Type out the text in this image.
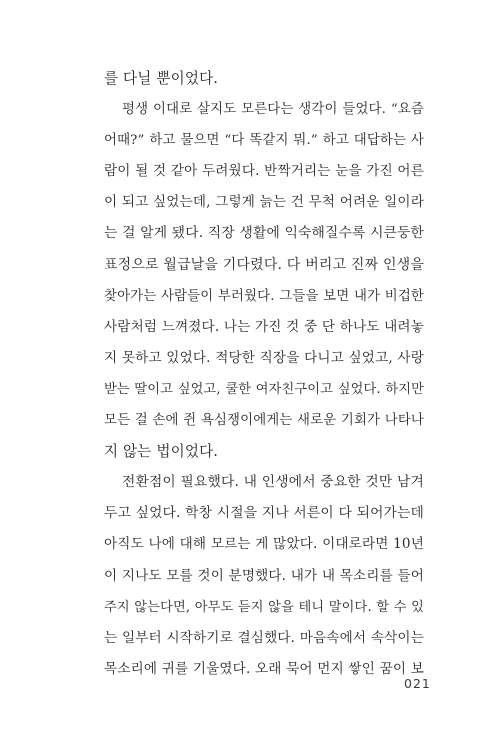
를 다닐 뿐이었다.
평생 이대로 살지도 모른다는 생각이 들었다. “요즘
어때?” 하고 물으면 “다 똑같지 뭐.” 하고 대답하는 사
람이 될 것 같아 두려웠다. 반짝거리는 눈을 가진 어른
이 되고 싶었는데, 그렇게 늙는 건 무척 어려운 일이라
는 걸 알게 됐다. 직장 생활에 익숙해질수록 시큰둥한
표정으로 월급날을 기다렸다. 다 버리고 진짜 인생을
찾아가는 사람들이 부러웠다. 그들을 보면 내가 비겁한
사람처럼 느껴졌다. 나는 가진 것 중 단 하나도 내려놓
지 못하고 있었다. 적당한 직장을 다니고 싶었고, 사랑
받는 딸이고 싶었고, 쿨한 여자친구이고 싶었다. 하지만
모든 걸 손에 쥔 욕심쟁이에게는 새로운 기회가 나타나
지 않는 법이었다.
전환점이 필요했다. 내 인생에서 중요한 것만 남겨
두고 싶었다. 학창 시절을 지나 서른이 다 되어가는데
아직도 나에 대해 모르는 게 많았다. 이대로라면 10년
이 지나도 모를 것이 분명했다. 내가 내 목소리를 들어
주지 않는다면, 아무도 듣지 않을 테니 말이다. 할 수 있
는 일부터 시작하기로 결심했다. 마음속에서 속삭이는
목소리에 귀를 기울였다. 오래 묵어 먼지 쌓인 꿈이 보
021
